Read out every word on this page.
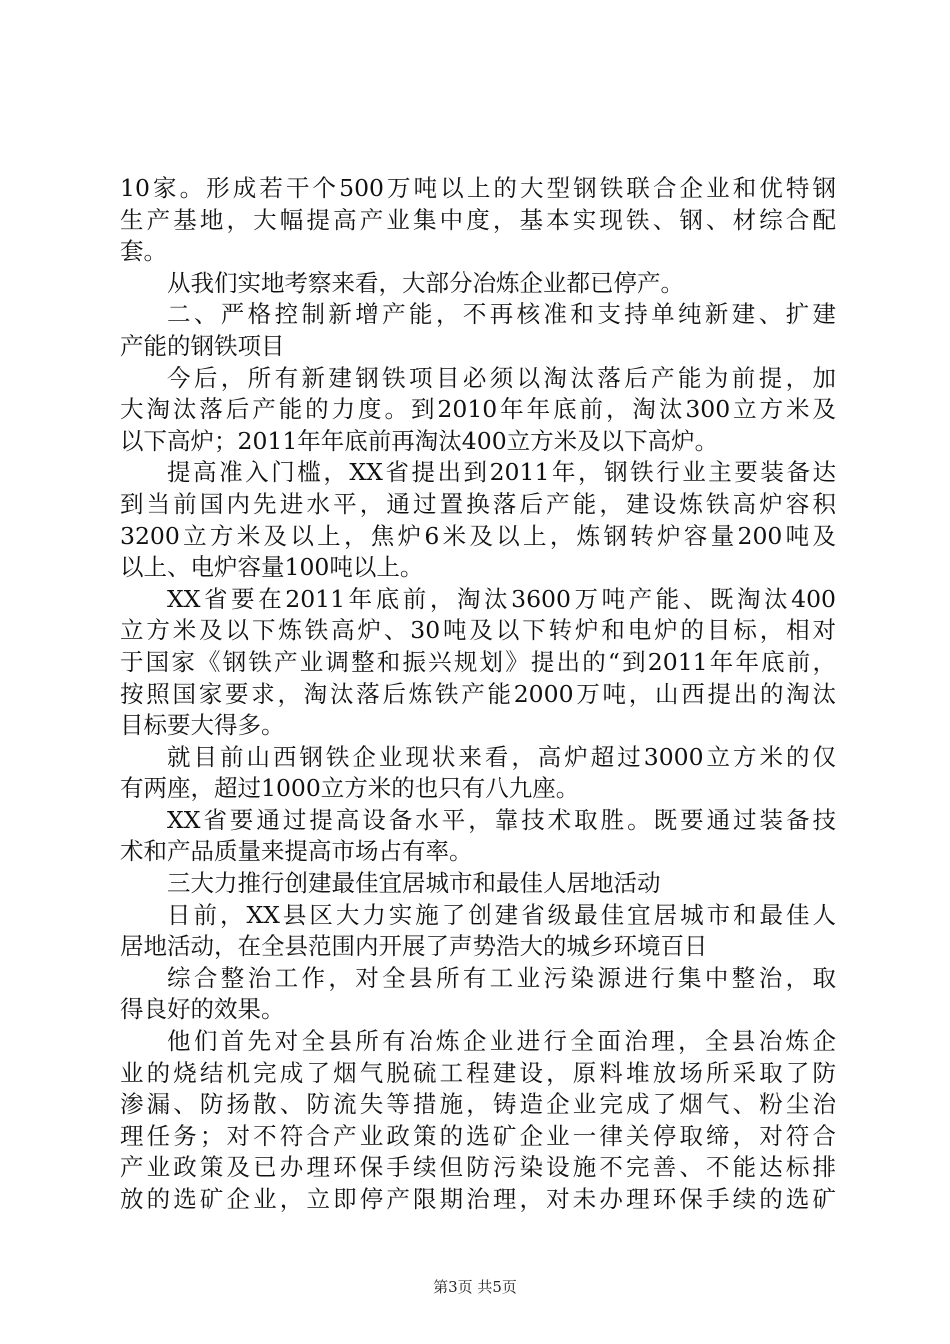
10家。形成若干个500万吨以上的大型钢铁联合企业和优特钢
生产基地，大幅提高产业集中度，基本实现铁、钢、材综合配
套。
从我们实地考察来看，大部分冶炼企业都已停产。
二、严格控制新增产能，不再核准和支持单纯新建、扩建
产能的钢铁项目
今后，所有新建钢铁项目必须以淘汰落后产能为前提，加
大淘汰落后产能的力度。到2010年年底前，淘汰300立方米及
以下高炉；2011年年底前再淘汰400立方米及以下高炉。
提高准入门槛，XX省提出到2011年，钢铁行业主要装备达
到当前国内先进水平，通过置换落后产能，建设炼铁高炉容积
3200立方米及以上，焦炉6米及以上，炼钢转炉容量200吨及
以上、电炉容量100吨以上。
XX省要在2011年底前，淘汰3600万吨产能、既淘汰400
立方米及以下炼铁高炉、30吨及以下转炉和电炉的目标，相对
于国家《钢铁产业调整和振兴规划》提出的“到2011年年底前，
按照国家要求，淘汰落后炼铁产能2000万吨，山西提出的淘汰
目标要大得多。
就目前山西钢铁企业现状来看，高炉超过3000立方米的仅
有两座，超过1000立方米的也只有八九座。
XX省要通过提高设备水平，靠技术取胜。既要通过装备技
术和产品质量来提高市场占有率。
三大力推行创建最佳宜居城市和最佳人居地活动
日前，XX县区大力实施了创建省级最佳宜居城市和最佳人
居地活动，在全县范围内开展了声势浩大的城乡环境百日
综合整治工作，对全县所有工业污染源进行集中整治，取
得良好的效果。
他们首先对全县所有冶炼企业进行全面治理，全县冶炼企
业的烧结机完成了烟气脱硫工程建设，原料堆放场所采取了防
渗漏、防扬散、防流失等措施，铸造企业完成了烟气、粉尘治
理任务；对不符合产业政策的选矿企业一律关停取缔，对符合
产业政策及已办理环保手续但防污染设施不完善、不能达标排
放的选矿企业，立即停产限期治理，对未办理环保手续的选矿
第3页 共5页
